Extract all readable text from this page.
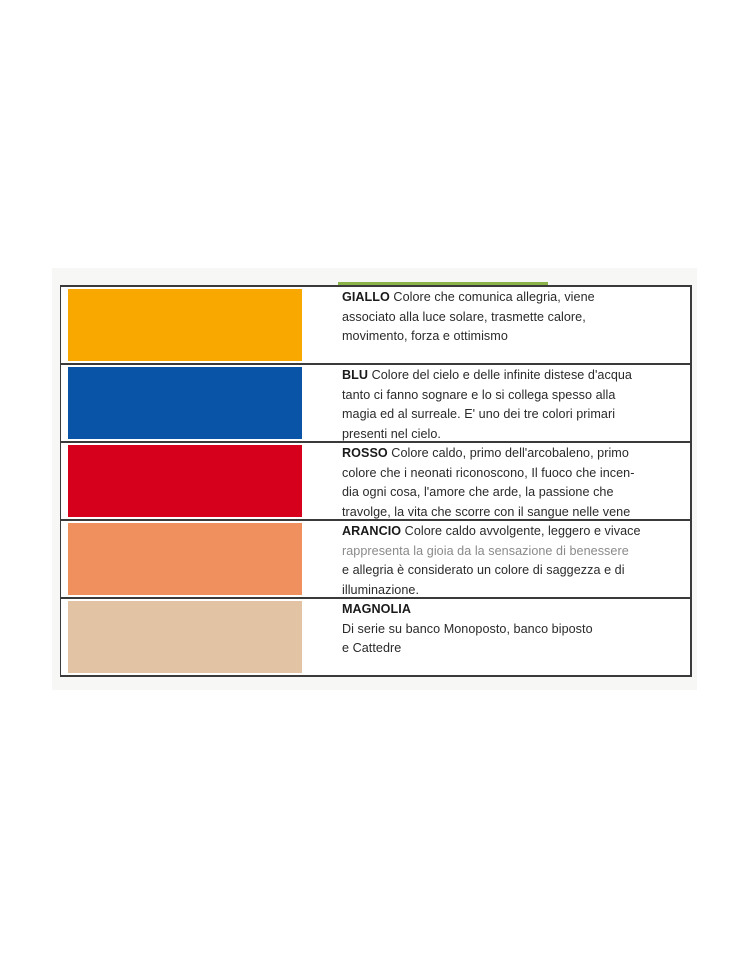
GIALLO Colore che comunica allegria, viene
associato alla luce solare, trasmette calore,
movimento, forza e ottimismo
BLU Colore del cielo e delle infinite distese d'acqua
tanto ci fanno sognare e lo si collega spesso alla
magia ed al surreale. E' uno dei tre colori primari
presenti nel cielo.
ROSSO Colore caldo, primo dell'arcobaleno, primo
colore che i neonati riconoscono, Il fuoco che incen-
dia ogni cosa, l'amore che arde, la passione che
travolge, la vita che scorre con il sangue nelle vene
ARANCIO Colore caldo avvolgente, leggero e vivace
rappresenta la gioia da la sensazione di benessere
e allegria è considerato un colore di saggezza e di
illuminazione.
MAGNOLIA
Di serie su banco Monoposto, banco biposto
e Cattedre
